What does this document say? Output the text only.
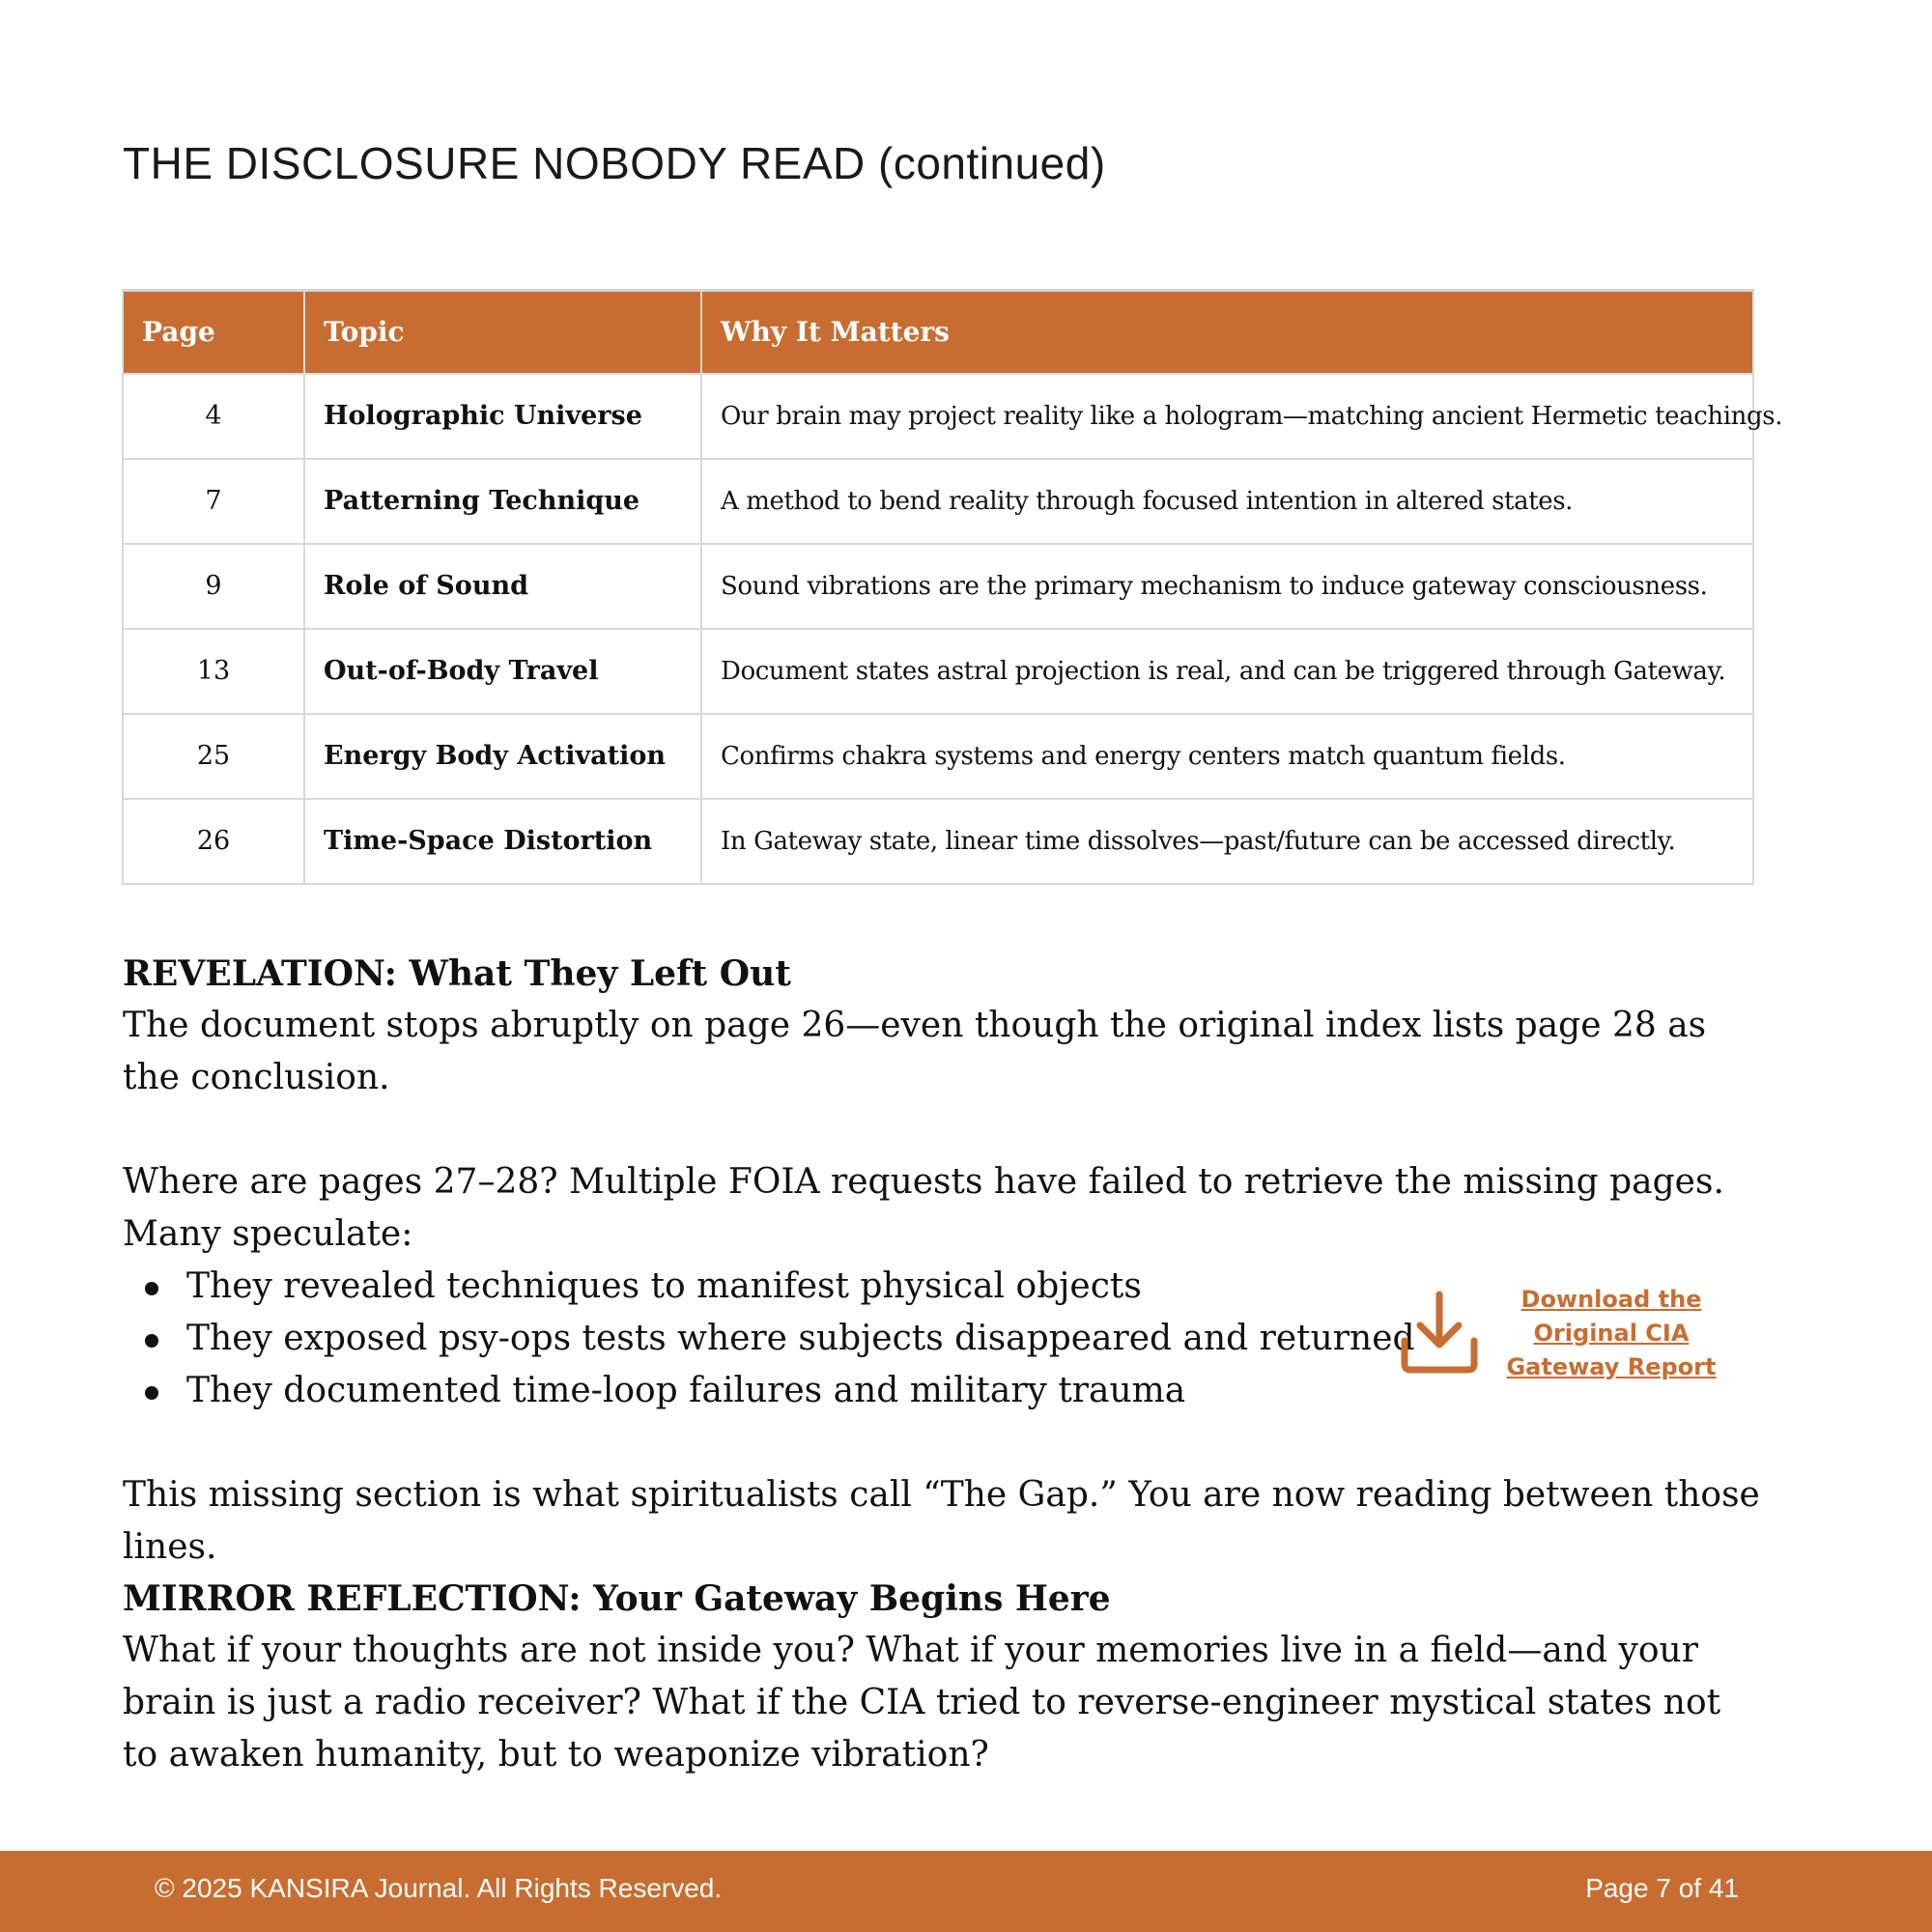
THE DISCLOSURE NOBODY READ (continued)
Page	Topic	Why It Matters
4	Holographic Universe	Our brain may project reality like a hologram—matching ancient Hermetic teachings.
7	Patterning Technique	A method to bend reality through focused intention in altered states.
9	Role of Sound	Sound vibrations are the primary mechanism to induce gateway consciousness.
13	Out-of-Body Travel	Document states astral projection is real, and can be triggered through Gateway.
25	Energy Body Activation	Confirms chakra systems and energy centers match quantum fields.
26	Time-Space Distortion	In Gateway state, linear time dissolves—past/future can be accessed directly.
REVELATION: What They Left Out
The document stops abruptly on page 26—even though the original index lists page 28 as the conclusion.
Where are pages 27–28? Multiple FOIA requests have failed to retrieve the missing pages. Many speculate:
They revealed techniques to manifest physical objects
They exposed psy-ops tests where subjects disappeared and returned
They documented time-loop failures and military trauma
Download the Original CIA Gateway Report
This missing section is what spiritualists call “The Gap.” You are now reading between those lines.
MIRROR REFLECTION: Your Gateway Begins Here
What if your thoughts are not inside you? What if your memories live in a field—and your brain is just a radio receiver? What if the CIA tried to reverse-engineer mystical states not to awaken humanity, but to weaponize vibration?
© 2025 KANSIRA Journal. All Rights Reserved.	Page 7 of 41
